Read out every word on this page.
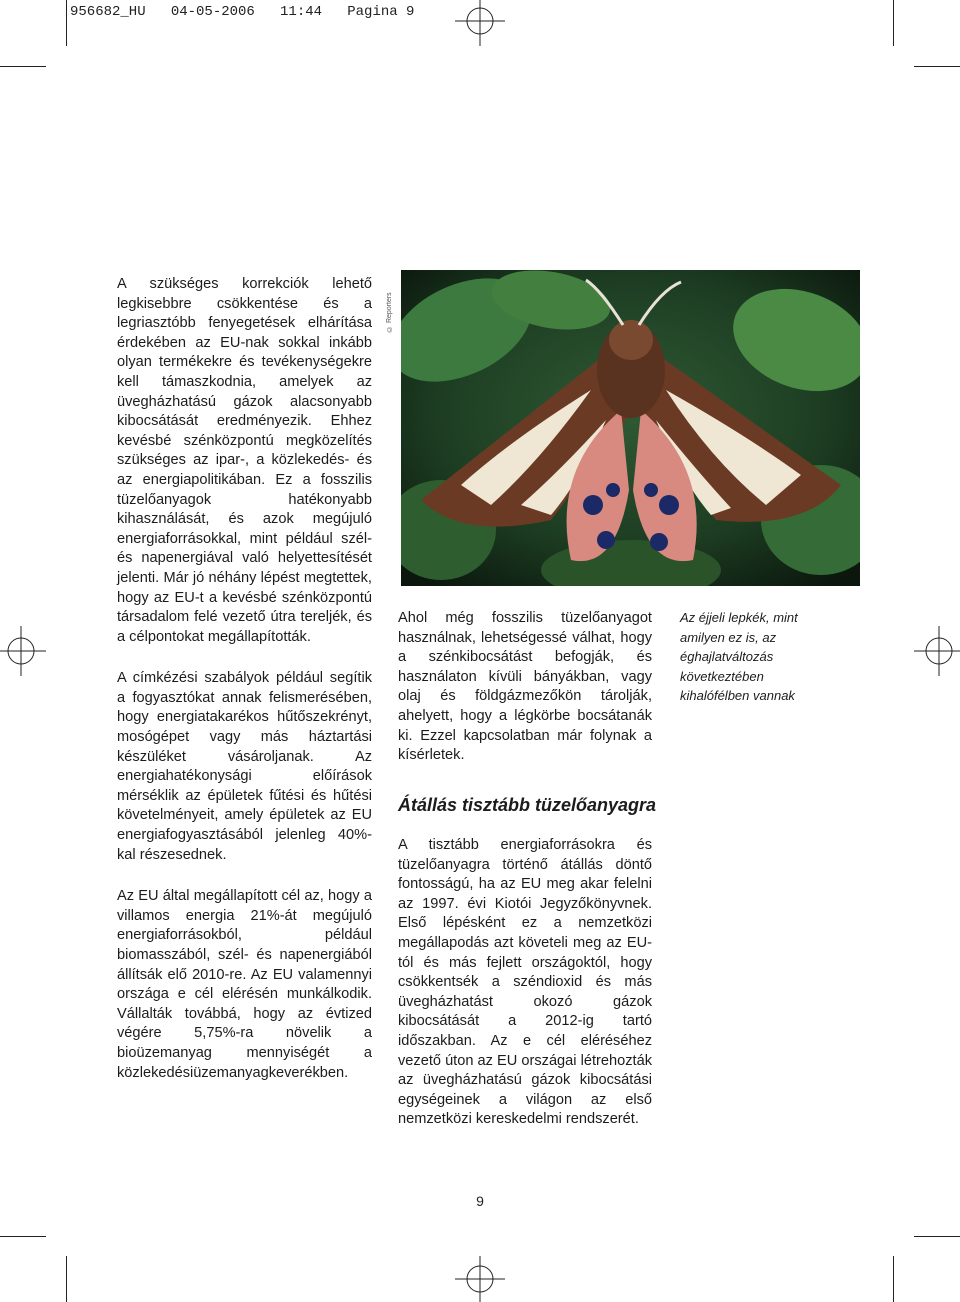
956682_HU   04-05-2006   11:44   Pagina 9

A szükséges korrekciók lehető legkisebbre csökkentése és a legriasztóbb fenyegetések elhárítása érdekében az EU-nak sokkal inkább olyan termékekre és tevékenységekre kell támaszkodnia, amelyek az üvegházhatású gázok alacsonyabb kibocsátását eredményezik. Ehhez kevésbé szénközpontú megközelítés szükséges az ipar-, a közlekedés- és az energiapolitikában. Ez a fosszilis tüzelőanyagok hatékonyabb kihasználását, és azok megújuló energiaforrásokkal, mint például szél- és napenergiával való helyettesítését jelenti. Már jó néhány lépést megtettek, hogy az EU-t a kevésbé szénközpontú társadalom felé vezető útra tereljék, és a célpontokat megállapították.

A címkézési szabályok például segítik a fogyasztókat annak felismerésében, hogy energiatakarékos hűtőszekrényt, mosógépet vagy más háztartási készüléket vásároljanak. Az energiahatékonysági előírások mérséklik az épületek fűtési és hűtési követelményeit, amely épületek az EU energiafogyasztásából jelenleg 40%-kal részesednek.

Az EU által megállapított cél az, hogy a villamos energia 21%-át megújuló energiaforrásokból, például biomasszából, szél- és napenergiából állítsák elő 2010-re. Az EU valamennyi országa e cél elérésén munkálkodik. Vállalták továbbá, hogy az évtized végére 5,75%-ra növelik a bioüzemanyag mennyiségét a közlekedésiüzemanyagkeverékben.

© Reporters

Ahol még fosszilis tüzelőanyagot használnak, lehetségessé válhat, hogy a szénkibocsátást befogják, és használaton kívüli bányákban, vagy olaj és földgázmezőkön tárolják, ahelyett, hogy a légkörbe bocsátanák ki. Ezzel kapcsolatban már folynak a kísérletek.

Az éjjeli lepkék, mint amilyen ez is, az éghajlatváltozás következtében kihalófélben vannak
Átállás tisztább tüzelőanyagra

A tisztább energiaforrásokra és tüzelőanyagra történő átállás döntő fontosságú, ha az EU meg akar felelni az 1997. évi Kiotói Jegyzőkönyvnek. Első lépésként ez a nemzetközi megállapodás azt követeli meg az EU-tól és más fejlett országoktól, hogy csökkentsék a széndioxid és más üvegházhatást okozó gázok kibocsátását a 2012-ig tartó időszakban. Az e cél eléréséhez vezető úton az EU országai létrehozták az üvegházhatású gázok kibocsátási egységeinek a világon az első nemzetközi kereskedelmi rendszerét.

9
